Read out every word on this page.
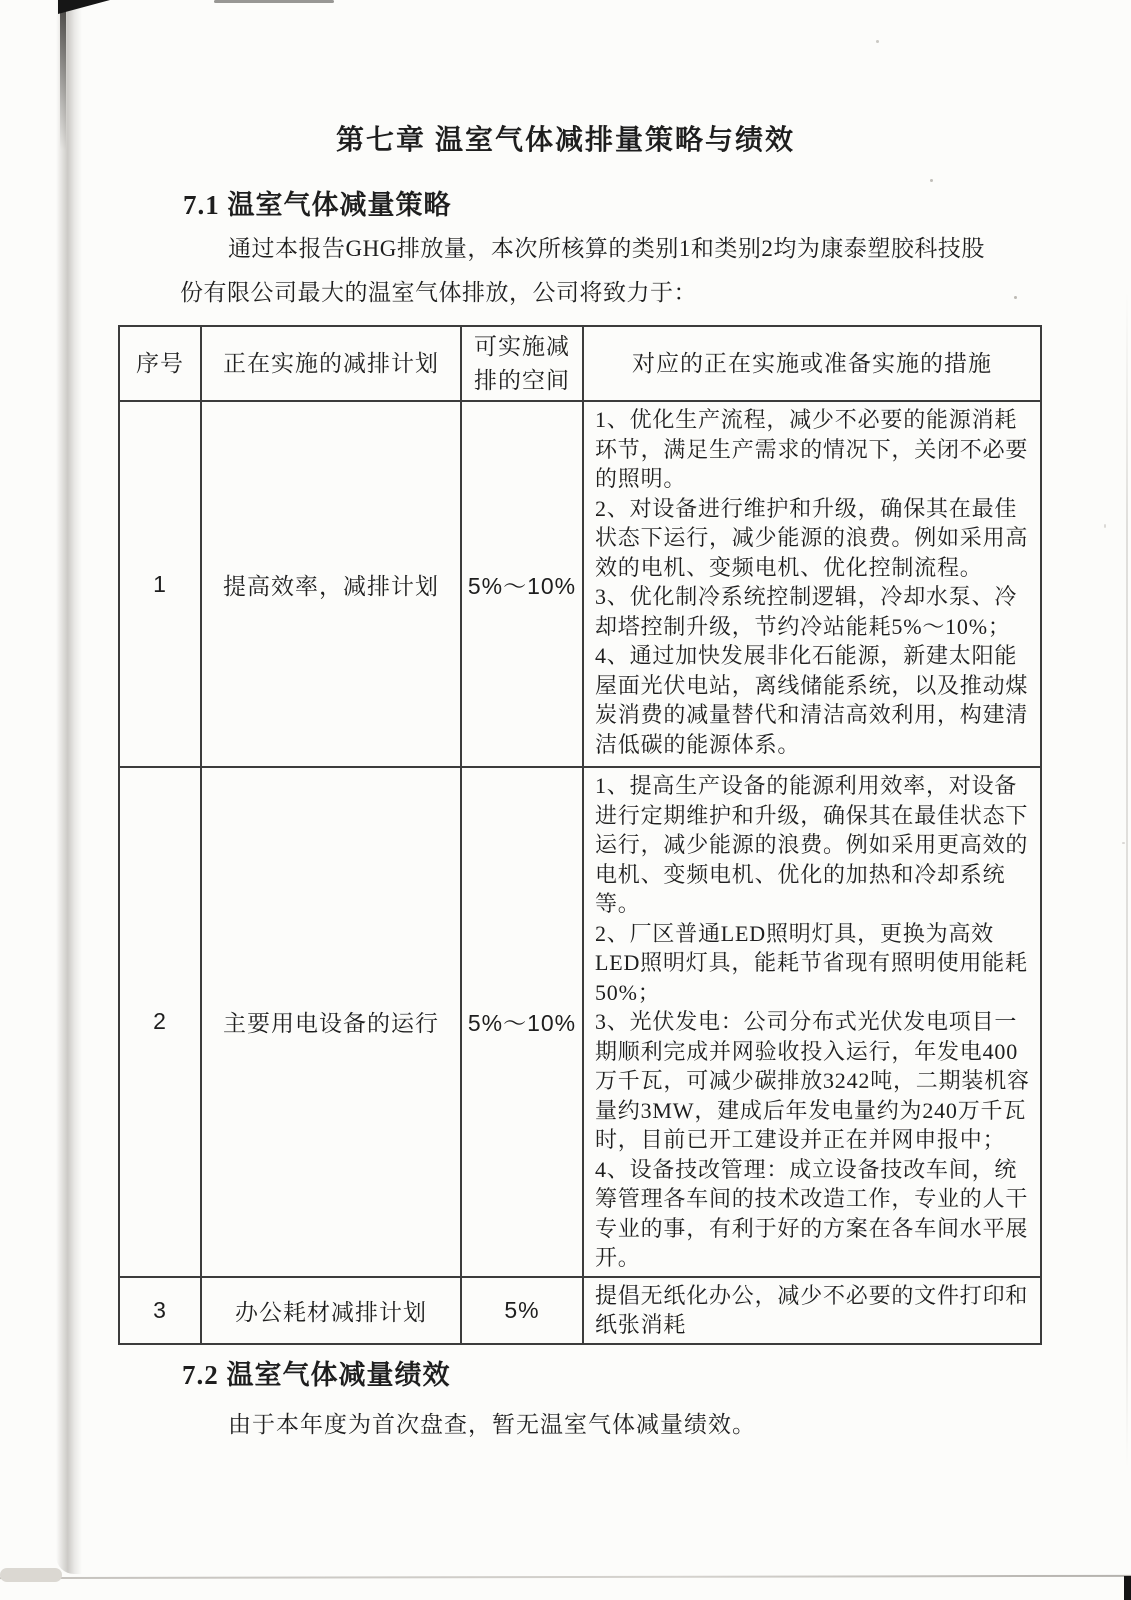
第七章 温室气体减排量策略与绩效
7.1 温室气体减量策略
通过本报告GHG排放量，本次所核算的类别1和类别2均为康泰塑胶科技股份有限公司最大的温室气体排放，公司将致力于：
序号	正在实施的减排计划	可实施减排的空间	对应的正在实施或准备实施的措施
1	提高效率，减排计划	5%～10%	1、优化生产流程，减少不必要的能源消耗环节，满足生产需求的情况下，关闭不必要的照明。
2、对设备进行维护和升级，确保其在最佳状态下运行，减少能源的浪费。例如采用高效的电机、变频电机、优化控制流程。
3、优化制冷系统控制逻辑，冷却水泵、冷却塔控制升级，节约冷站能耗5%～10%；
4、通过加快发展非化石能源，新建太阳能屋面光伏电站，离线储能系统，以及推动煤炭消费的减量替代和清洁高效利用，构建清洁低碳的能源体系。

2	主要用电设备的运行	5%～10%	1、提高生产设备的能源利用效率，对设备进行定期维护和升级，确保其在最佳状态下运行，减少能源的浪费。例如采用更高效的电机、变频电机、优化的加热和冷却系统等。
2、厂区普通LED照明灯具，更换为高效LED照明灯具，能耗节省现有照明使用能耗50%；
3、光伏发电：公司分布式光伏发电项目一期顺利完成并网验收投入运行，年发电400万千瓦，可减少碳排放3242吨，二期装机容量约3MW，建成后年发电量约为240万千瓦时，目前已开工建设并正在并网申报中；
4、设备技改管理：成立设备技改车间，统筹管理各车间的技术改造工作，专业的人干专业的事，有利于好的方案在各车间水平展开。

3	办公耗材减排计划	5%	提倡无纸化办公，减少不必要的文件打印和纸张消耗
7.2 温室气体减量绩效
由于本年度为首次盘查，暂无温室气体减量绩效。
